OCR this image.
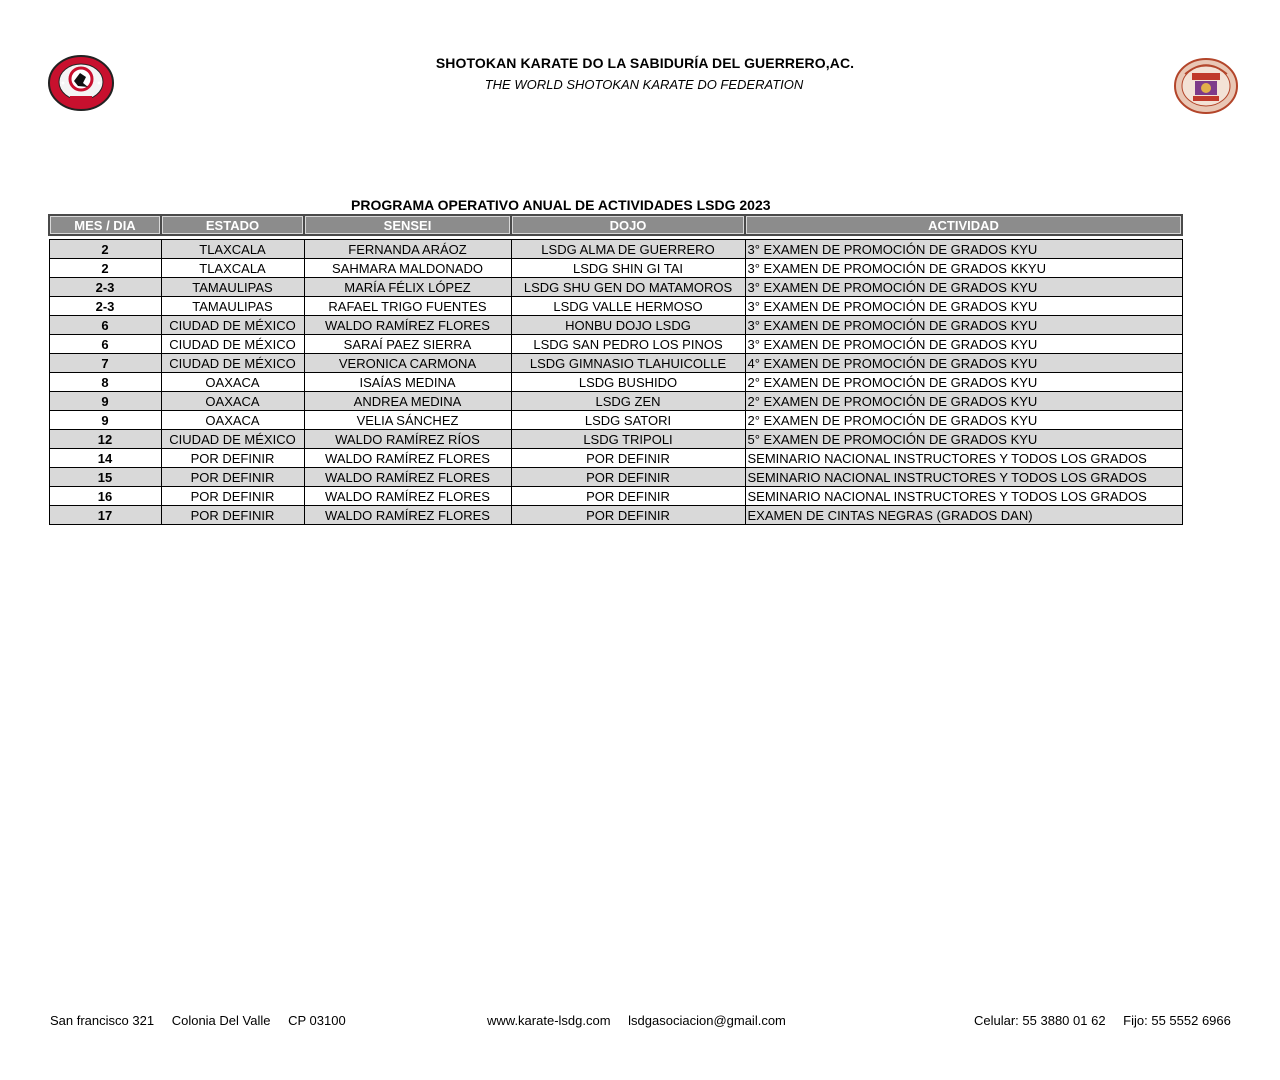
SHOTOKAN KARATE DO LA SABIDURÍA DEL GUERRERO,AC.
THE WORLD SHOTOKAN KARATE DO FEDERATION
PROGRAMA OPERATIVO ANUAL DE ACTIVIDADES LSDG 2023
MES / DIA	ESTADO	SENSEI	DOJO	ACTIVIDAD

2	TLAXCALA	FERNANDA ARÁOZ	LSDG ALMA DE GUERRERO	3° EXAMEN DE PROMOCIÓN DE GRADOS KYU
2	TLAXCALA	SAHMARA MALDONADO	LSDG SHIN GI TAI	3° EXAMEN DE PROMOCIÓN DE GRADOS KKYU
2-3	TAMAULIPAS	MARÍA FÉLIX LÓPEZ	LSDG SHU GEN DO MATAMOROS	3° EXAMEN DE PROMOCIÓN DE GRADOS KYU
2-3	TAMAULIPAS	RAFAEL TRIGO FUENTES	LSDG VALLE HERMOSO	3° EXAMEN DE PROMOCIÓN DE GRADOS KYU
6	CIUDAD DE MÉXICO	WALDO RAMÍREZ FLORES	HONBU DOJO LSDG	3° EXAMEN DE PROMOCIÓN DE GRADOS KYU
6	CIUDAD DE MÉXICO	SARAÍ PAEZ SIERRA	LSDG SAN PEDRO LOS PINOS	3° EXAMEN DE PROMOCIÓN DE GRADOS KYU
7	CIUDAD DE MÉXICO	VERONICA CARMONA	LSDG GIMNASIO TLAHUICOLLE	4° EXAMEN DE PROMOCIÓN DE GRADOS KYU
8	OAXACA	ISAÍAS MEDINA	LSDG BUSHIDO	2° EXAMEN DE PROMOCIÓN DE GRADOS KYU
9	OAXACA	ANDREA MEDINA	LSDG ZEN	2° EXAMEN DE PROMOCIÓN DE GRADOS KYU
9	OAXACA	VELIA SÁNCHEZ	LSDG SATORI	2° EXAMEN DE PROMOCIÓN DE GRADOS KYU
12	CIUDAD DE MÉXICO	WALDO RAMÍREZ RÍOS	LSDG TRIPOLI	5° EXAMEN DE PROMOCIÓN DE GRADOS KYU
14	POR DEFINIR	WALDO RAMÍREZ FLORES	POR DEFINIR	SEMINARIO NACIONAL INSTRUCTORES Y TODOS LOS GRADOS
15	POR DEFINIR	WALDO RAMÍREZ FLORES	POR DEFINIR	SEMINARIO NACIONAL INSTRUCTORES Y TODOS LOS GRADOS
16	POR DEFINIR	WALDO RAMÍREZ FLORES	POR DEFINIR	SEMINARIO NACIONAL INSTRUCTORES Y TODOS LOS GRADOS
17	POR DEFINIR	WALDO RAMÍREZ FLORES	POR DEFINIR	EXAMEN DE CINTAS NEGRAS (GRADOS DAN)
San francisco 321 Colonia Del Valle CP 03100	www.karate-lsdg.com lsdgasociacion@gmail.com	Celular: 55 3880 01 62 Fijo: 55 5552 6966
